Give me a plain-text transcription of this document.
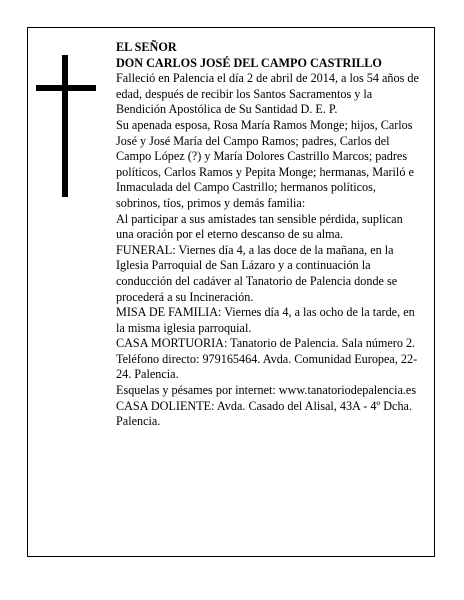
EL SEÑOR

DON CARLOS JOSÉ DEL CAMPO CASTRILLO

Falleció en Palencia el día 2 de abril de 2014, a los 54 años de edad, después de recibir los Santos Sacramentos y la Bendición Apostólica de Su Santidad D. E. P.

Su apenada esposa, Rosa María Ramos Monge; hijos, Carlos José y José María del Campo Ramos; padres, Carlos del Campo López (?) y María Dolores Castrillo Marcos; padres políticos, Carlos Ramos y Pepita Monge; hermanas, Mariló e Inmaculada del Campo Castrillo; hermanos políticos, sobrinos, tíos, primos y demás familia:

Al participar a sus amistades tan sensible pérdida, suplican una oración por el eterno descanso de su alma.

FUNERAL: Viernes día 4, a las doce de la mañana, en la Iglesia Parroquial de San Lázaro y a continuación la conducción del cadáver al Tanatorio de Palencia donde se procederá a su Incineración.

MISA DE FAMILIA: Viernes día 4, a las ocho de la tarde, en la misma iglesia parroquial.

CASA MORTUORIA: Tanatorio de Palencia. Sala número 2. Teléfono directo: 979165464. Avda. Comunidad Europea, 22-24. Palencia.

Esquelas y pésames por internet: www.tanatoriodepalencia.es

CASA DOLIENTE: Avda. Casado del Alisal, 43A - 4º Dcha. Palencia.
